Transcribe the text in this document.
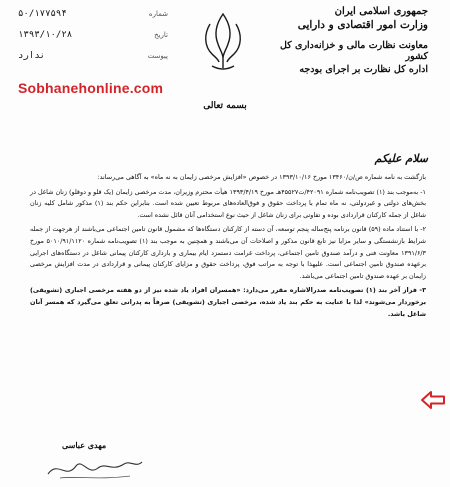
شماره
۵۰/۱۷۷۵۹۴
تاریخ
۱۳۹۳/۱۰/۲۸
پیوست
ندارد
جمهوری اسلامی ایران
وزارت امور اقتصادی و دارایی
معاونت نظارت مالی و خزانه‌داری کل کشور
اداره کل نظارت بر اجرای بودجه
Sobhanehonline.com
بسمه تعالی
سلام علیکم

بازگشت به نامه شماره ص/ن/۱۳۴۶۰ مورخ ۱۳۹۳/۱۰/۱۶ در خصوص «افزایش مرخصی زایمان به نه ماه» به آگاهی می‌رساند:

۱- به‌موجب بند (۱) تصویب‌نامه شماره ۴۲۰۹۱/ت۴۵۵۲۷هـ مورخ ۱۳۹۳/۴/۱۹ هیأت محترم وزیران، مدت مرخصی زایمان (یک قلو و دوقلو) زنان شاغل در بخش‌های دولتی و غیردولتی، نه ماه تمام با پرداخت حقوق و فوق‌العاده‌های مربوط تعیین شده است. بنابراین حکم بند (۱) مذکور شامل کلیه زنان شاغل از جمله کارکنان قراردادی بوده و تفاوتی برای زنان شاغل از حیث نوع استخدامی آنان قائل نشده است.

۲- با استناد ماده (۵۹) قانون برنامه پنج‌ساله پنجم توسعه، آن دسته از کارکنان دستگاه‌ها که مشمول قانون تامین اجتماعی می‌باشند از هرجهت از جمله شرایط بازنشستگی و سایر مزایا نیز تابع قانون مذکور و اصلاحات آن می‌باشند و همچنین به موجب بند (۱) تصویب‌نامه شماره ۵۰۱۰/۹۱/۱۱۲۰ مورخ ۱۳۹۱/۶/۳ معاونت فنی و درآمد صندوق تامین اجتماعی، پرداخت غرامت دستمزد ایام بیماری و بارداری کارکنان پیمانی شاغل در دستگاه‌های اجرایی برعهده صندوق تامین اجتماعی است. علیهذا با توجه به مراتب فوق، پرداخت حقوق و مزایای کارکنان پیمانی و قراردادی در مدت افزایش مرخصی زایمان بر عهده صندوق تامین اجتماعی می‌باشد.

۳- فراز آخر بند (۱) تصویب‌نامه صدرالاشاره مقرر می‌دارد: «همسران افراد یاد شده نیز از دو هفته مرخصی اجباری (تشویقی) برخوردار می‌شوند» لذا با عنایت به حکم بند یاد شده، مرخصی اجباری (تشویقی) صرفاً به پدرانی تعلق می‌گیرد که همسر آنان شاغل باشد.

مهدی عباسی
